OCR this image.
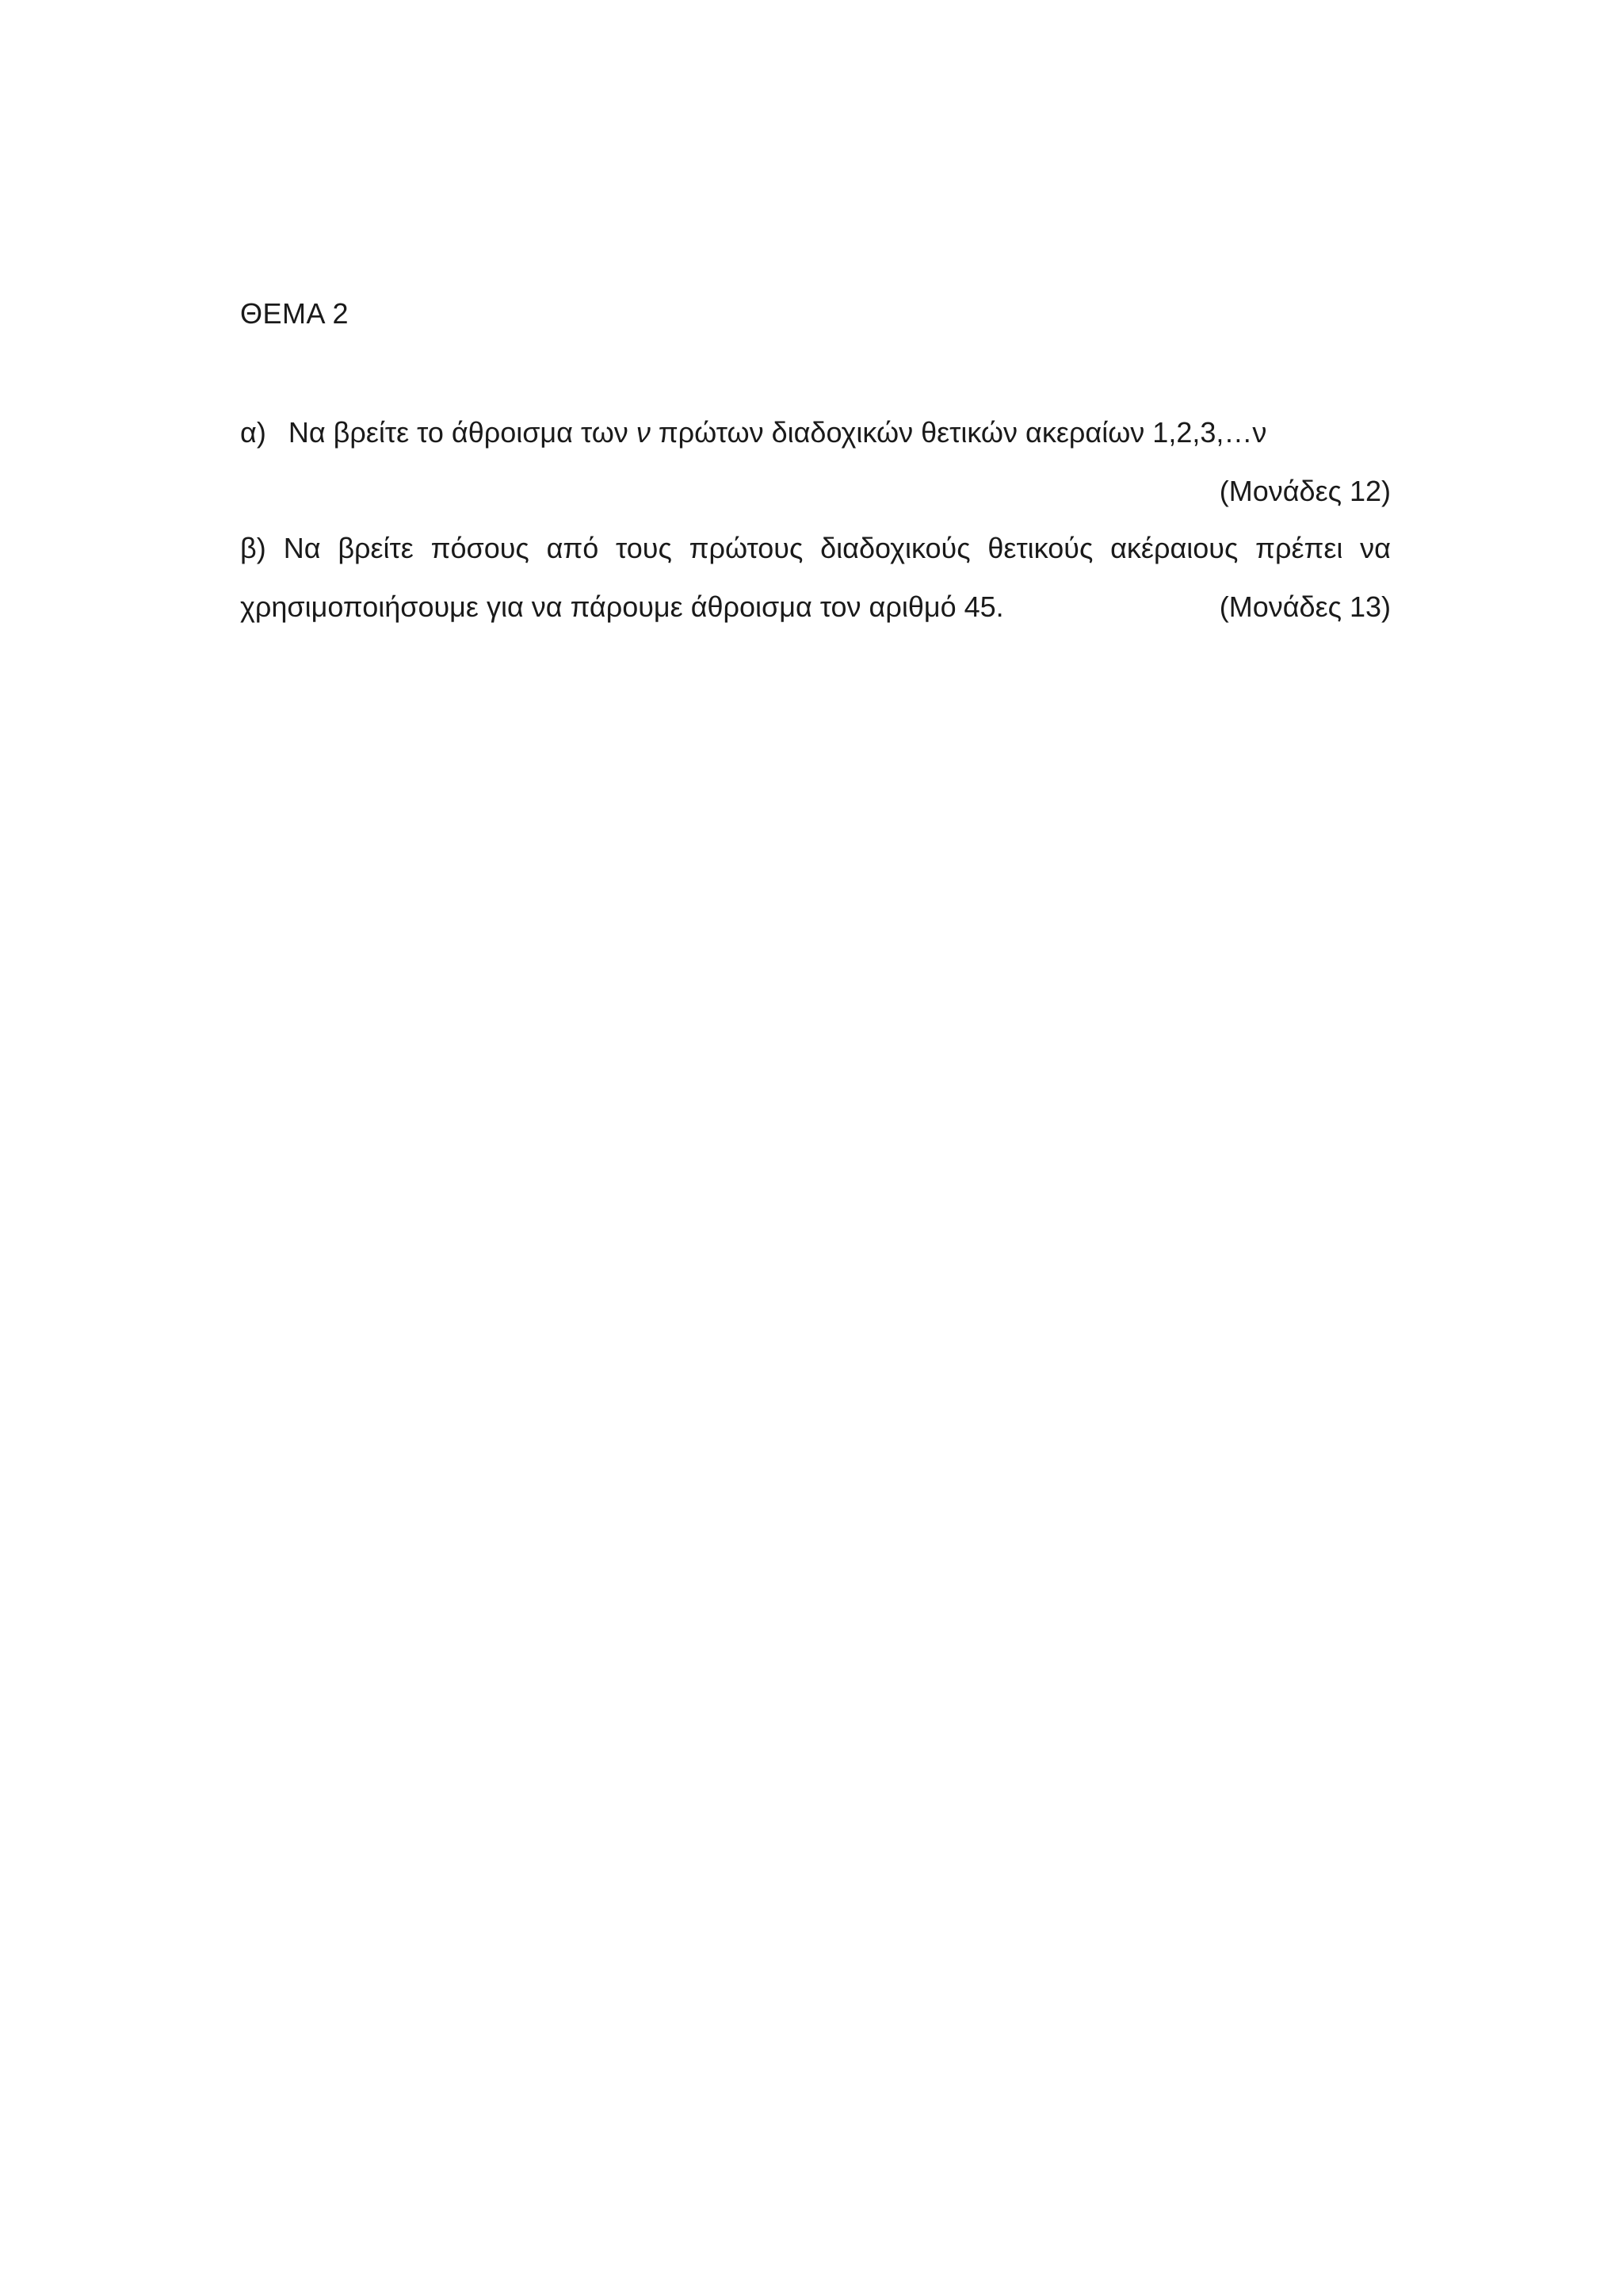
ΘΕΜΑ 2
α) Να βρείτε το άθροισμα των ν πρώτων διαδοχικών θετικών ακεραίων 1,2,3,…ν
(Μονάδες 12)
β) Να βρείτε πόσους από τους πρώτους διαδοχικούς θετικούς ακέραιους πρέπει να
χρησιμοποιήσουμε για να πάρουμε άθροισμα τον αριθμό 45.	(Μονάδες 13)
